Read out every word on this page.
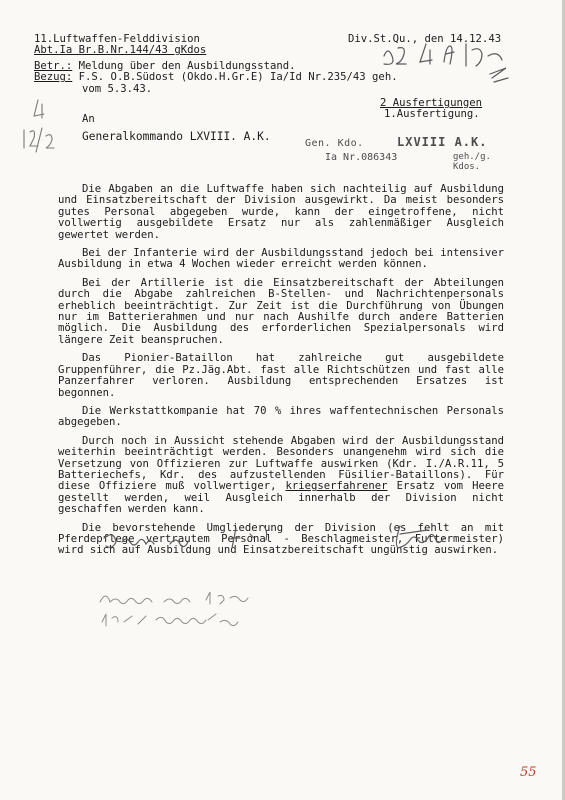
11.Luftwaffen-Felddivision
Abt.Ia Br.B.Nr.144/43 gKdos
Div.St.Qu., den 14.12.43
Betr.: Meldung über den Ausbildungsstand.
Bezug: F.S. O.B.Südost (Okdo.H.Gr.E) Ia/Id Nr.235/43 geh.
vom 5.3.43.
2 Ausfertigungen
1.Ausfertigung.
An
Generalkommando LXVIII. A.K.
Gen. Kdo.	LXVIII A.K.
Ia Nr.086343	geh./g. Kdos.

Die Abgaben an die Luftwaffe haben sich nachteilig auf Ausbildung und Einsatzbereitschaft der Division ausgewirkt. Da meist besonders gutes Personal abgegeben wurde, kann der eingetroffene, nicht vollwertig ausgebildete Ersatz nur als zahlenmäßiger Ausgleich gewertet werden.

Bei der Infanterie wird der Ausbildungsstand jedoch bei intensiver Ausbildung in etwa 4 Wochen wieder erreicht werden können.

Bei der Artillerie ist die Einsatzbereitschaft der Abteilungen durch die Abgabe zahlreichen B-Stellen- und Nachrichtenpersonals erheblich beeinträchtigt. Zur Zeit ist die Durchführung von Übungen nur im Batterierahmen und nur nach Aushilfe durch andere Batterien möglich. Die Ausbildung des erforderlichen Spezialpersonals wird längere Zeit beanspruchen.

Das Pionier-Bataillon hat zahlreiche gut ausgebildete Gruppenführer, die Pz.Jäg.Abt. fast alle Richtschützen und fast alle Panzerfahrer verloren. Ausbildung entsprechenden Ersatzes ist begonnen.

Die Werkstattkompanie hat 70 % ihres waffentechnischen Personals abgegeben.

Durch noch in Aussicht stehende Abgaben wird der Ausbildungsstand weiterhin beeinträchtigt werden. Besonders unangenehm wird sich die Versetzung von Offizieren zur Luftwaffe auswirken (Kdr. I./A.R.11, 5 Batteriechefs, Kdr. des aufzustellenden Füsilier-Bataillons). Für diese Offiziere muß vollwertiger, kriegserfahrener Ersatz vom Heere gestellt werden, weil Ausgleich innerhalb der Division nicht geschaffen werden kann.

Die bevorstehende Umgliederung der Division (es fehlt an mit Pferdepflege vertrautem Personal - Beschlagmeister, Futtermeister) wird sich auf Ausbildung und Einsatzbereitschaft ungünstig auswirken.

55
